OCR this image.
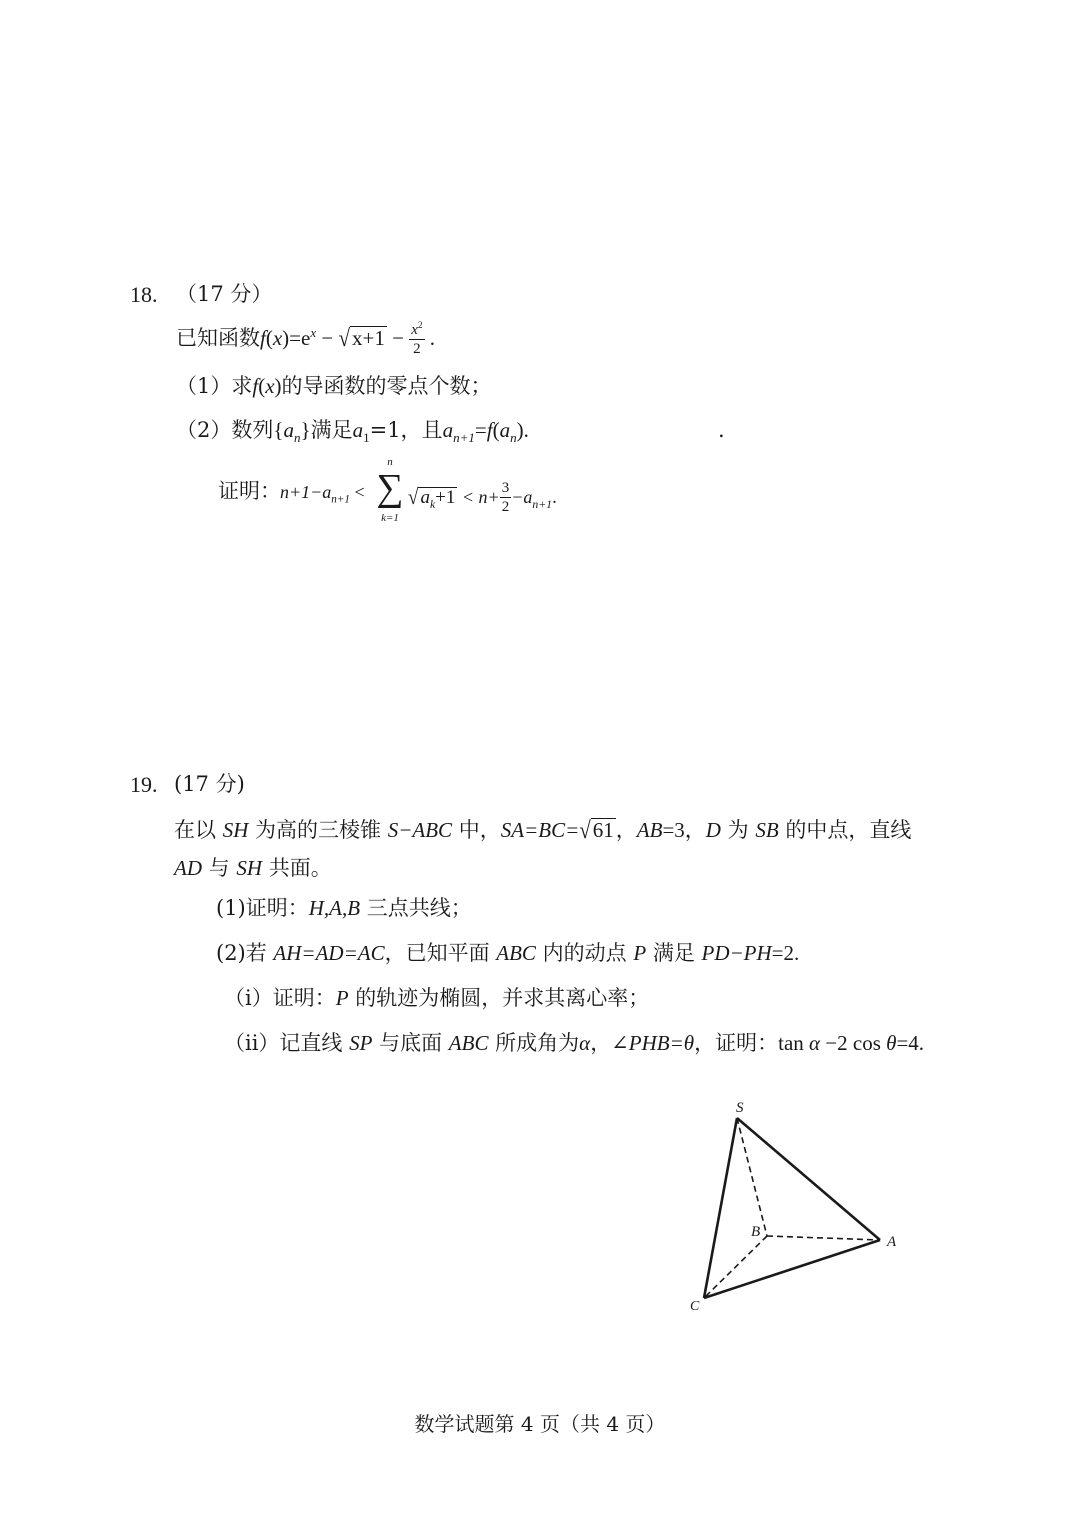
18. （17 分）
已知函数$f(x)=e^x - √x+1 - \frac{x^2}{2}$ .
（1）求f(x)的导函数的零点个数；
（2）数列$\{a_n\}$满足$a_1=1$，且$a_{n+1}=f(a_n)$.	.
证明： $n+1-a_{n+1}$ <
n
∑
k=1
√ $a_k+1 < n+ \frac{3}{2} -a_{n+1}$.
19. (17 分)
在以 SH 为高的三棱锥 S−ABC 中，SA=BC=√61，AB=3，D 为 SB 的中点，直线
AD 与 SH 共面。
(1)证明：H,A,B 三点共线；
(2)若 AH=AD=AC，已知平面 ABC 内的动点 P 满足 PD−PH=2.
（i）证明：P 的轨迹为椭圆，并求其离心率；
（ii）记直线 SP 与底面 ABC 所成角为α，∠PHB=θ，证明：tan α −2 cos θ=4.
S
A
B
C
数学试题第 4 页（共 4 页）
